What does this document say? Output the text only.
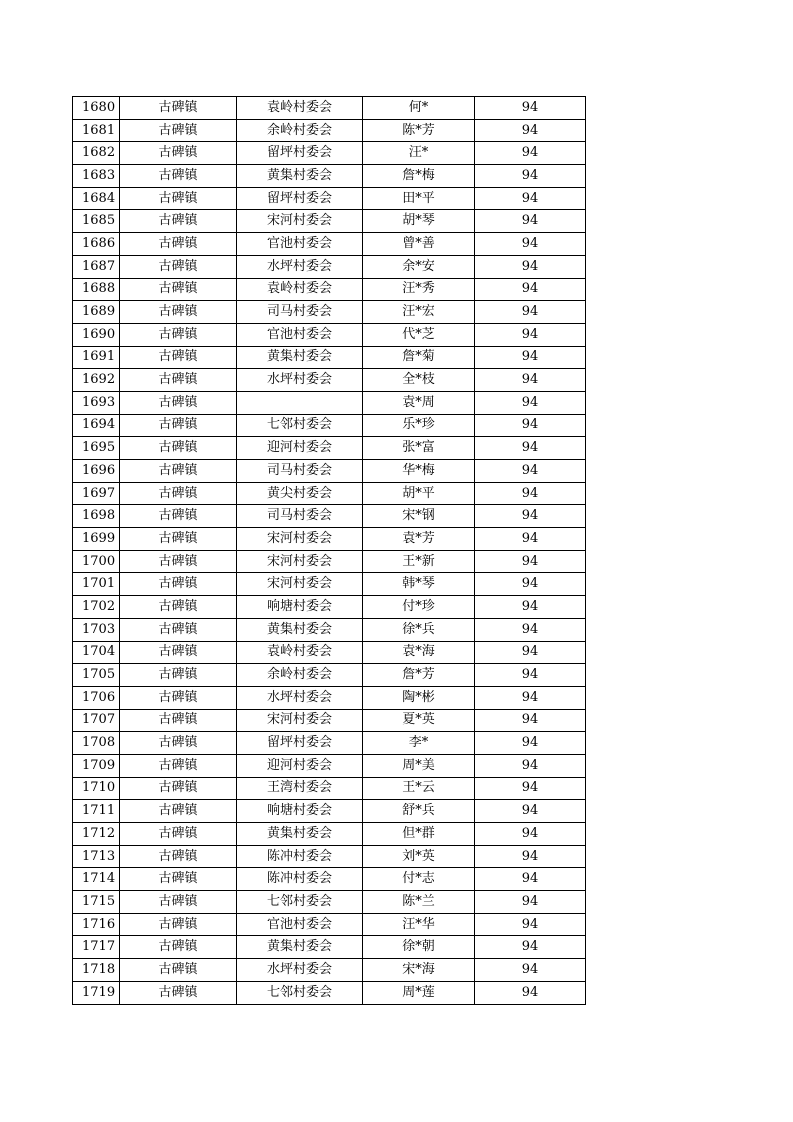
1680	古碑镇	袁岭村委会	何*	94
1681	古碑镇	余岭村委会	陈*芳	94
1682	古碑镇	留坪村委会	汪*	94
1683	古碑镇	黄集村委会	詹*梅	94
1684	古碑镇	留坪村委会	田*平	94
1685	古碑镇	宋河村委会	胡*琴	94
1686	古碑镇	官池村委会	曾*善	94
1687	古碑镇	水坪村委会	余*安	94
1688	古碑镇	袁岭村委会	汪*秀	94
1689	古碑镇	司马村委会	汪*宏	94
1690	古碑镇	官池村委会	代*芝	94
1691	古碑镇	黄集村委会	詹*菊	94
1692	古碑镇	水坪村委会	全*枝	94
1693	古碑镇		袁*周	94
1694	古碑镇	七邻村委会	乐*珍	94
1695	古碑镇	迎河村委会	张*富	94
1696	古碑镇	司马村委会	华*梅	94
1697	古碑镇	黄尖村委会	胡*平	94
1698	古碑镇	司马村委会	宋*钢	94
1699	古碑镇	宋河村委会	袁*芳	94
1700	古碑镇	宋河村委会	王*新	94
1701	古碑镇	宋河村委会	韩*琴	94
1702	古碑镇	响塘村委会	付*珍	94
1703	古碑镇	黄集村委会	徐*兵	94
1704	古碑镇	袁岭村委会	袁*海	94
1705	古碑镇	余岭村委会	詹*芳	94
1706	古碑镇	水坪村委会	陶*彬	94
1707	古碑镇	宋河村委会	夏*英	94
1708	古碑镇	留坪村委会	李*	94
1709	古碑镇	迎河村委会	周*美	94
1710	古碑镇	王湾村委会	王*云	94
1711	古碑镇	响塘村委会	舒*兵	94
1712	古碑镇	黄集村委会	但*群	94
1713	古碑镇	陈冲村委会	刘*英	94
1714	古碑镇	陈冲村委会	付*志	94
1715	古碑镇	七邻村委会	陈*兰	94
1716	古碑镇	官池村委会	汪*华	94
1717	古碑镇	黄集村委会	徐*朝	94
1718	古碑镇	水坪村委会	宋*海	94
1719	古碑镇	七邻村委会	周*莲	94
